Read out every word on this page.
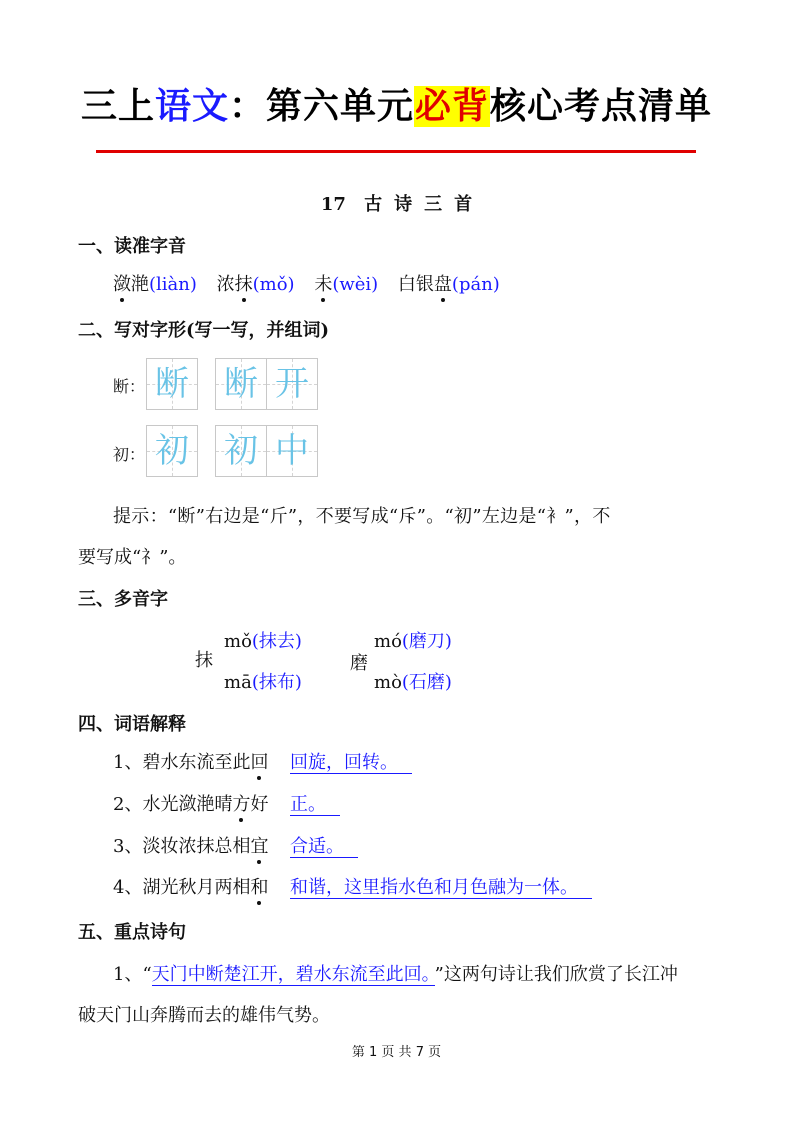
三上语文：第六单元必背核心考点清单
17 古 诗 三 首
一、读准字音
潋滟(liàn) 浓抹(mǒ) 未(wèi) 白银盘(pán)
二、写对字形(写一写，并组词)
断： 断 断 开
初： 初 初 中
提示：“断”右边是“斤”，不要写成“斥”。“初”左边是“衤”，不
要写成“礻”。
三、多音字
抹
mǒ(抹去)
mā(抹布)
磨
mó(磨刀)
mò(石磨)
四、词语解释
1、碧水东流至此回 回旋，回转。
2、水光潋滟晴方好 正。
3、淡妆浓抹总相宜 合适。
4、湖光秋月两相和 和谐，这里指水色和月色融为一体。
五、重点诗句
1、“天门中断楚江开，碧水东流至此回。 ”这两句诗让我们欣赏了长江冲
破天门山奔腾而去的雄伟气势。
第 1 页 共 7 页
